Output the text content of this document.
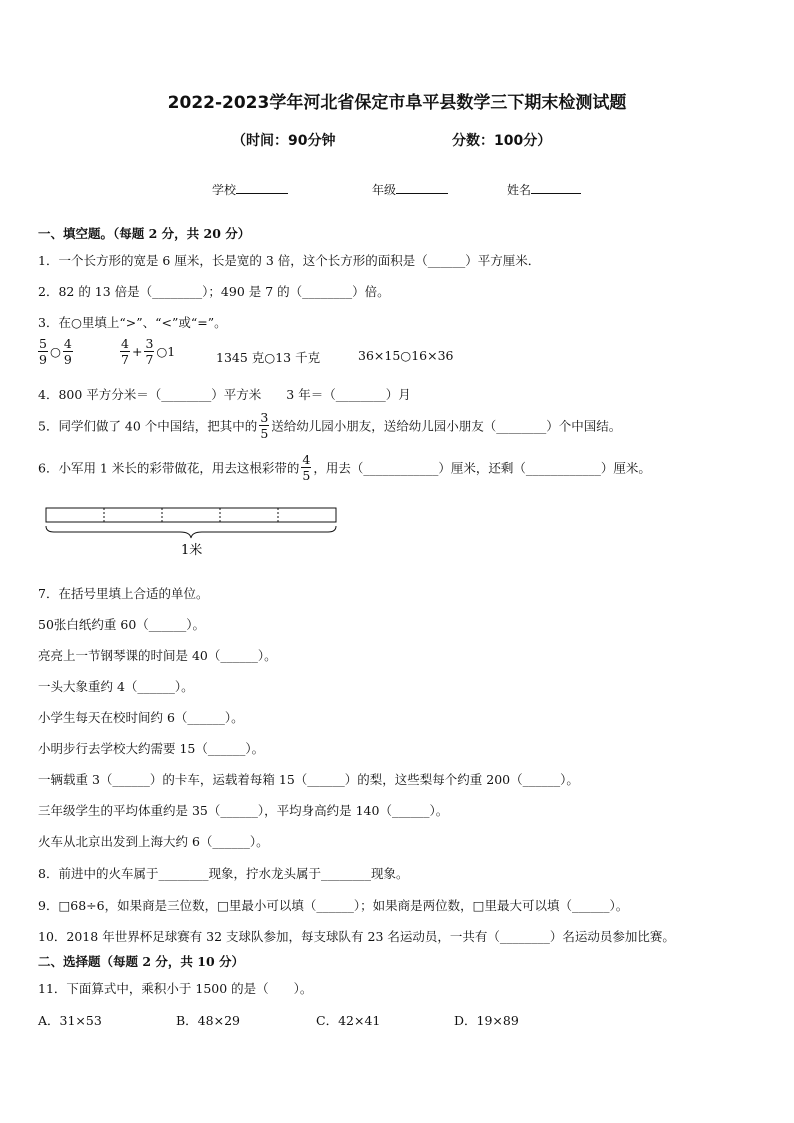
2022-2023学年河北省保定市阜平县数学三下期末检测试题
（时间：90分钟	分数：100分）
学校	年级	姓名
一、填空题。（每题 2 分，共 20 分）
1．一个长方形的宽是 6 厘米，长是宽的 3 倍，这个长方形的面积是（______）平方厘米．
2．82 的 13 倍是（________）；490 是 7 的（________）倍。
3．在○里填上“>”、“<”或“=”。
$\frac{5}{9}$ ○ $\frac{4}{9}$	$\frac{4}{7} + \frac{3}{7}$ ○1	1345 克○13 千克	36×15○16×36
4．800 平方分米＝（________）平方米　　3 年＝（________）月
5．同学们做了 40 个中国结，把其中的 $\frac{3}{5}$ 送给幼儿园小朋友，送给幼儿园小朋友（________）个中国结。
6．小军用 1 米长的彩带做花，用去这根彩带的 $\frac{4}{5}$ ，用去（____________）厘米，还剩（____________）厘米。
1米
7．在括号里填上合适的单位。
50张白纸约重 60（______）。
亮亮上一节钢琴课的时间是 40（______）。
一头大象重约 4（______）。
小学生每天在校时间约 6（______）。
小明步行去学校大约需要 15（______）。
一辆载重 3（______）的卡车，运载着每箱 15（______）的梨，这些梨每个约重 200（______）。
三年级学生的平均体重约是 35（______），平均身高约是 140（______）。
火车从北京出发到上海大约 6（______）。
8．前进中的火车属于________现象，拧水龙头属于________现象。
9．□68÷6，如果商是三位数，□里最小可以填（______）；如果商是两位数，□里最大可以填（______）。
10．2018 年世界杯足球赛有 32 支球队参加，每支球队有 23 名运动员，一共有（________）名运动员参加比赛。
二、选择题（每题 2 分，共 10 分）
11．下面算式中，乘积小于 1500 的是（　　）。
A．31×53	B．48×29	C．42×41	D．19×89
